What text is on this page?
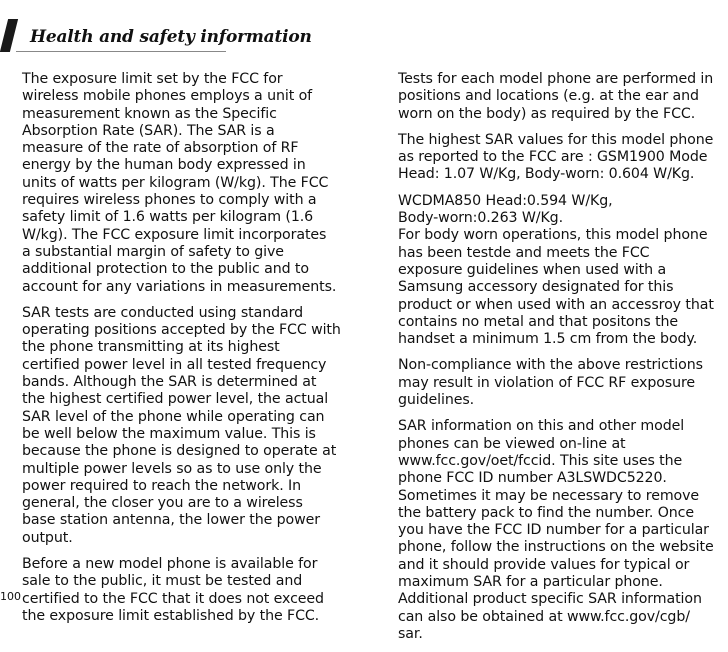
Health and safety information

The exposure limit set by the FCC for
wireless mobile phones employs a unit of
measurement known as the Specific
Absorption Rate (SAR). The SAR is a
measure of the rate of absorption of RF
energy by the human body expressed in
units of watts per kilogram (W/kg). The FCC
requires wireless phones to comply with a
safety limit of 1.6 watts per kilogram (1.6
W/kg). The FCC exposure limit incorporates
a substantial margin of safety to give
additional protection to the public and to
account for any variations in measurements.

SAR tests are conducted using standard
operating positions accepted by the FCC with
the phone transmitting at its highest
certified power level in all tested frequency
bands. Although the SAR is determined at
the highest certified power level, the actual
SAR level of the phone while operating can
be well below the maximum value. This is
because the phone is designed to operate at
multiple power levels so as to use only the
power required to reach the network. In
general, the closer you are to a wireless
base station antenna, the lower the power
output.

Before a new model phone is available for
sale to the public, it must be tested and
certified to the FCC that it does not exceed
the exposure limit established by the FCC.

Tests for each model phone are performed in
positions and locations (e.g. at the ear and
worn on the body) as required by the FCC.

The highest SAR values for this model phone
as reported to the FCC are : GSM1900 Mode
Head: 1.07 W/Kg, Body-worn: 0.604 W/Kg.

WCDMA850 Head:0.594 W/Kg,
Body-worn:0.263 W/Kg.
For body worn operations, this model phone
has been testde and meets the FCC
exposure guidelines when used with a
Samsung accessory designated for this
product or when used with an accessroy that
contains no metal and that positons the
handset a minimum 1.5 cm from the body.

Non-compliance with the above restrictions
may result in violation of FCC RF exposure
guidelines.

SAR information on this and other model
phones can be viewed on-line at
www.fcc.gov/oet/fccid. This site uses the
phone FCC ID number A3LSWDC5220.
Sometimes it may be necessary to remove
the battery pack to find the number. Once
you have the FCC ID number for a particular
phone, follow the instructions on the website
and it should provide values for typical or
maximum SAR for a particular phone.
Additional product specific SAR information
can also be obtained at www.fcc.gov/cgb/
sar.

100
